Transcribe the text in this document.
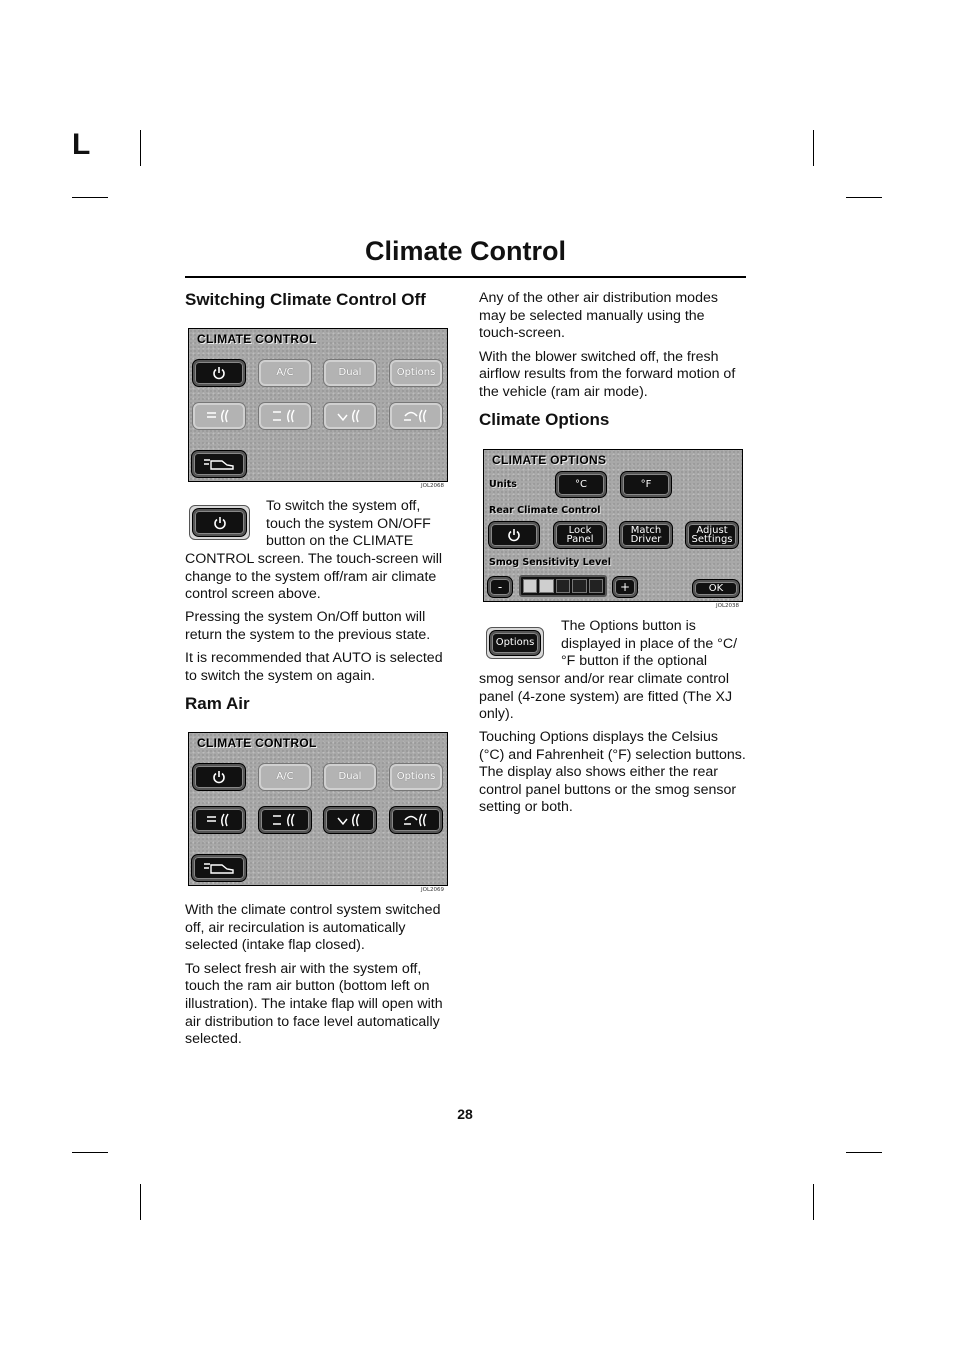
L
Climate Control
Switching Climate Control Off
CLIMATE CONTROL
A/C	Dual	Options
JOL2068
To switch the system off, touch the system ON/OFF button on the CLIMATE
CONTROL screen. The touch-screen will change to the system off/ram air climate control screen above.

Pressing the system On/Off button will return the system to the previous state.

It is recommended that AUTO is selected to switch the system on again.

Ram Air
CLIMATE CONTROL
A/C	Dual	Options
JOL2069

With the climate control system switched off, air recirculation is automatically selected (intake flap closed).

To select fresh air with the system off, touch the ram air button (bottom left on illustration). The intake flap will open with air distribution to face level automatically selected.

Any of the other air distribution modes may be selected manually using the touch-screen.

With the blower switched off, the fresh airflow results from the forward motion of the vehicle (ram air mode).

Climate Options
CLIMATE OPTIONS
Units	°C	°F
Rear Climate Control
Lock
Panel
Match
Driver
Adjust
Settings
Smog Sensitivity Level
-	+	OK
JOL2038
Options
The Options button is displayed in place of the °C/°F button if the optional
smog sensor and/or rear climate control panel (4-zone system) are fitted (The XJ only).
Touching Options displays the Celsius (°C) and Fahrenheit (°F) selection buttons. The display also shows either the rear control panel buttons or the smog sensor setting or both.
28
